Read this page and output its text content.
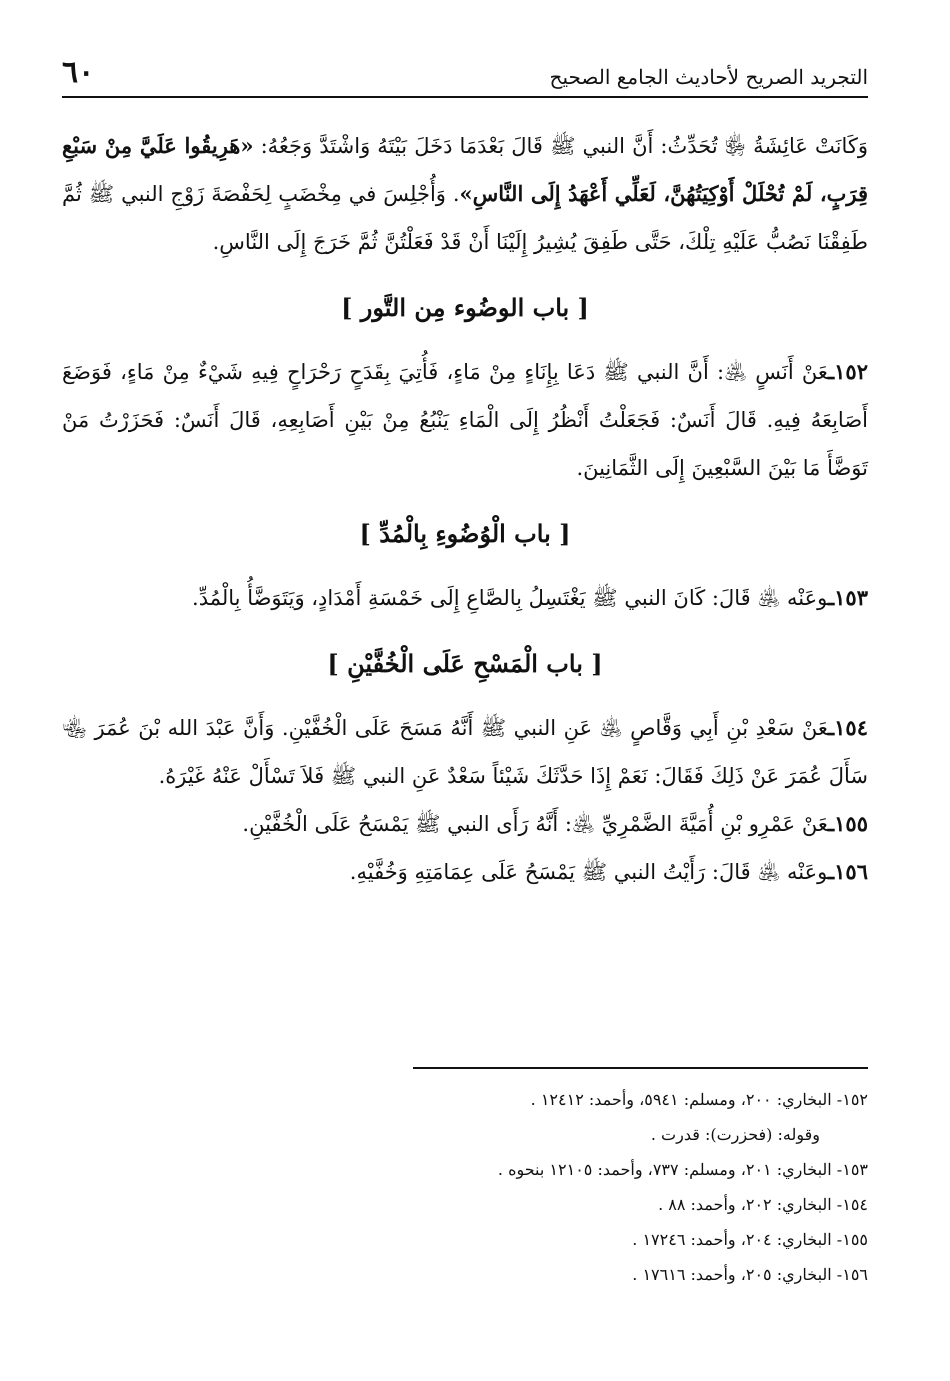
التجريد الصريح لأحاديث الجامع الصحيح
٦٠

وَكَانَتْ عَائِشَةُ ﵂ تُحَدِّثُ: أَنَّ النبي ﷺ قَالَ بَعْدَمَا دَخَلَ بَيْتَهُ وَاشْتَدَّ وَجَعُهُ: «هَرِيقُوا عَلَيَّ مِنْ سَبْعِ قِرَبٍ، لَمْ تُحْلَلْ أَوْكِيَتُهُنَّ، لَعَلِّي أَعْهَدُ إِلَى النَّاسِ». وَأُجْلِسَ في مِخْضَبٍ لِحَفْصَةَ زَوْجِ النبي ﷺ ثُمَّ طَفِقْنَا نَصُبُّ عَلَيْهِ تِلْكَ، حَتَّى طَفِقَ يُشِيرُ إِلَيْنَا أَنْ قَدْ فَعَلْتُنَّ ثُمَّ خَرَجَ إِلَى النَّاسِ.

[ باب الوضُوء مِن التَّور ]

١٥٢ـعَنْ أَنَسٍ ﵁: أَنَّ النبي ﷺ دَعَا بِإِنَاءٍ مِنْ مَاءٍ، فَأُتِيَ بِقَدَحٍ رَحْرَاحٍ فِيهِ شَيْءٌ مِنْ مَاءٍ، فَوَضَعَ أَصَابِعَهُ فِيهِ. قَالَ أَنَسٌ: فَجَعَلْتُ أَنْظُرُ إِلَى الْمَاءِ يَنْبُعُ مِنْ بَيْنِ أَصَابِعِهِ، قَالَ أَنَسٌ: فَحَزَرْتُ مَنْ تَوَضَّأَ مَا بَيْنَ السَّبْعِينَ إِلَى الثَّمَانِينَ.

[ باب الْوُضُوءِ بِالْمُدِّ ]

١٥٣ـوعَنْه ﵁ قَالَ: كَانَ النبي ﷺ يَغْتَسِلُ بِالصَّاعِ إِلَى خَمْسَةِ أَمْدَادٍ، وَيَتَوَضَّأُ بِالْمُدِّ.

[ باب الْمَسْحِ عَلَى الْخُفَّيْنِ ]

١٥٤ـعَنْ سَعْدِ بْنِ أَبِي وَقَّاصٍ ﵁ عَنِ النبي ﷺ أَنَّهُ مَسَحَ عَلَى الْخُفَّيْنِ. وَأَنَّ عَبْدَ الله بْنَ عُمَرَ ﵄ سَأَلَ عُمَرَ عَنْ ذَلِكَ فَقَالَ: نَعَمْ إِذَا حَدَّثَكَ شَيْئاً سَعْدٌ عَنِ النبي ﷺ فَلاَ تَسْأَلْ عَنْهُ غَيْرَهُ.

١٥٥ـعَنْ عَمْرِو بْنِ أُمَيَّةَ الضَّمْرِيِّ ﵁: أَنَّهُ رَأَى النبي ﷺ يَمْسَحُ عَلَى الْخُفَّيْنِ.

١٥٦ـوعَنْه ﵁ قَالَ: رَأَيْتُ النبي ﷺ يَمْسَحُ عَلَى عِمَامَتِهِ وَخُفَّيْهِ.

١٥٢- البخاري: ٢٠٠، ومسلم: ٥٩٤١، وأحمد: ١٢٤١٢ .
وقوله: (فحزرت): قدرت .
١٥٣- البخاري: ٢٠١، ومسلم: ٧٣٧، وأحمد: ١٢١٠٥ بنحوه .
١٥٤- البخاري: ٢٠٢، وأحمد: ٨٨ .
١٥٥- البخاري: ٢٠٤، وأحمد: ١٧٢٤٦ .
١٥٦- البخاري: ٢٠٥، وأحمد: ١٧٦١٦ .
